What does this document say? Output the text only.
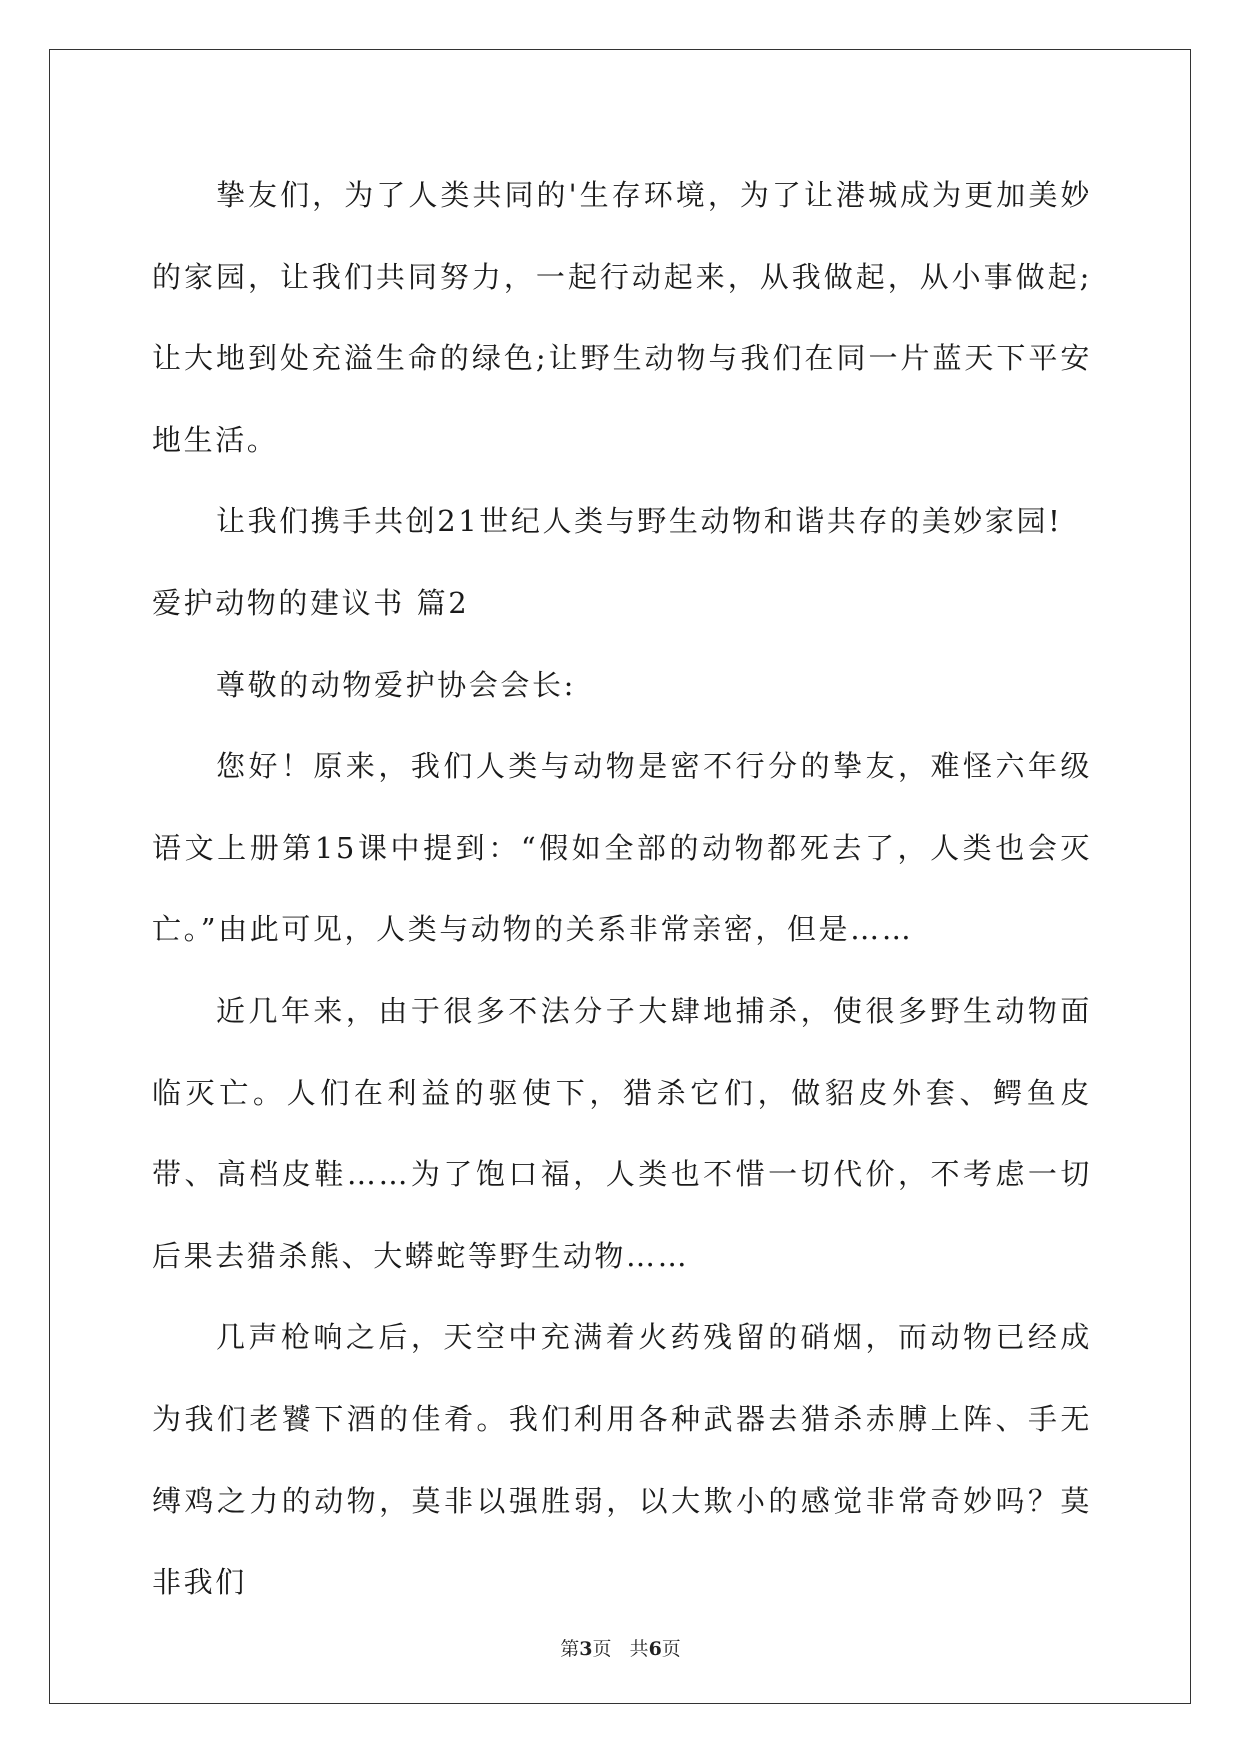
挚友们，为了人类共同的'生存环境，为了让港城成为更加美妙的家园，让我们共同努力，一起行动起来，从我做起，从小事做起;让大地到处充溢生命的绿色;让野生动物与我们在同一片蓝天下平安地生活。

让我们携手共创21世纪人类与野生动物和谐共存的美妙家园!

爱护动物的建议书 篇2

尊敬的动物爱护协会会长:

您好！原来，我们人类与动物是密不行分的挚友，难怪六年级语文上册第15课中提到：“假如全部的动物都死去了，人类也会灭亡。”由此可见，人类与动物的关系非常亲密，但是……

近几年来，由于很多不法分子大肆地捕杀，使很多野生动物面临灭亡。人们在利益的驱使下，猎杀它们，做貂皮外套、鳄鱼皮带、高档皮鞋……为了饱口福，人类也不惜一切代价，不考虑一切后果去猎杀熊、大蟒蛇等野生动物……

几声枪响之后，天空中充满着火药残留的硝烟，而动物已经成为我们老饕下酒的佳肴。我们利用各种武器去猎杀赤膊上阵、手无缚鸡之力的动物，莫非以强胜弱，以大欺小的感觉非常奇妙吗？莫非我们

第3页   共6页
